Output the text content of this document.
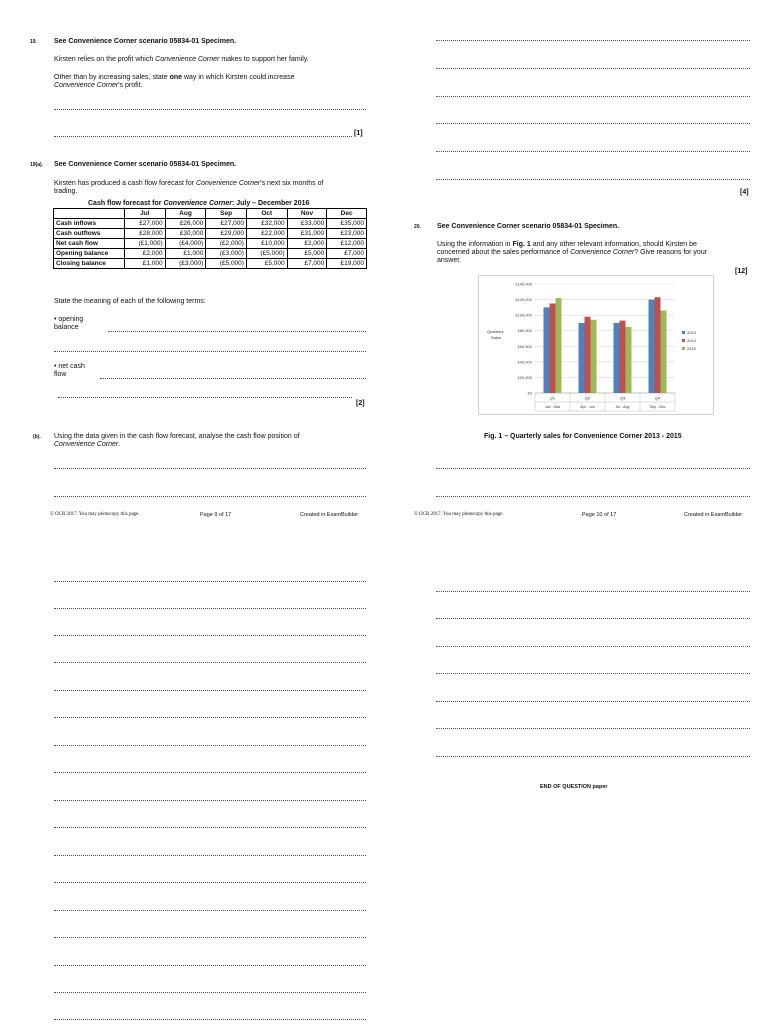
19. See Convenience Corner scenario 05834-01 Specimen.
Kirsten relies on the profit which Convenience Corner makes to support her family.
Other than by increasing sales, state one way in which Kirsten could increase
Convenience Corner's profit.
[1]
19(a). See Convenience Corner scenario 05834-01 Specimen.
Kirsten has produced a cash flow forecast for Convenience Corner's next six months of
trading.
Cash flow forecast for Convenience Corner: July – December 2016
	Jul	Aug	Sep	Oct	Nov	Dec
Cash inflows	£27,000	£26,000	£27,000	£32,000	£33,000	£35,000
Cash outflows	£28,000	£30,000	£29,000	£22,000	£31,000	£23,000
Net cash flow	(£1,000)	(£4,000)	(£2,000)	£10,000	£2,000	£12,000
Opening balance	£2,000	£1,000	(£3,000)	(£5,000)	£5,000	£7,000
Closing balance	£1,000	(£3,000)	(£5,000)	£5,000	£7,000	£19,000
State the meaning of each of the following terms:
• opening
balance
• net cash
flow
[2]
(b). Using the data given in the cash flow forecast, analyse the cash flow position of
Convenience Corner.
© OCR 2017. You may photocopy this page.	Page 9 of 17	Created in ExamBuilder
[4]
20. See Convenience Corner scenario 05834-01 Specimen.
Using the information in Fig. 1 and any other relevant information, should Kirsten be
concerned about the sales performance of Convenience Corner? Give reasons for your
answer.
[12]
£0
£20,000
£40,000
£60,000
£80,000
£100,000
£120,000
£140,000
Quarterly
Sales
Q1
Jan - Mar
Q2
Apr - Jun
Q3
Jul - Aug
Q4
Sep - Dec
2013
2014
2015
Fig. 1 – Quarterly sales for Convenience Corner 2013 - 2015
© OCR 2017. You may photocopy this page.	Page 10 of 17	Created in ExamBuilder
END OF QUESTION paper
